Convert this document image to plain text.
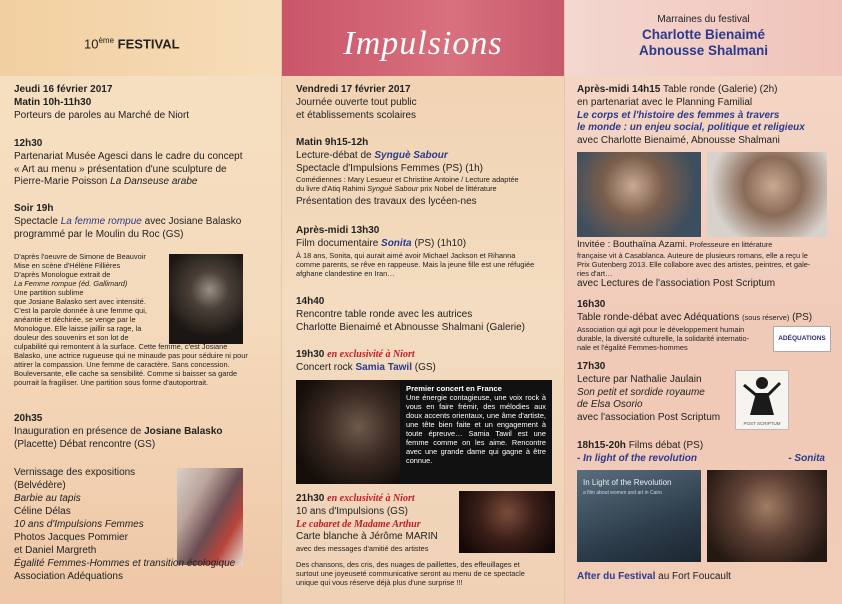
10ème FESTIVAL
Jeudi 16 février 2017
Matin 10h-11h30
Porteurs de paroles au Marché de Niort
12h30
Partenariat Musée Agesci dans le cadre du concept
« Art au menu » présentation d'une sculpture de
Pierre-Marie Poisson La Danseuse arabe
Soir 19h
Spectacle La femme rompue avec Josiane Balasko
programmé par le Moulin du Roc (GS)
D'après l'oeuvre de Simone de Beauvoir
Mise en scène d'Hélène Fillières
D'après Monologue extrait de
La Femme rompue (éd. Gallimard)
Une partition sublime
que Josiane Balasko sert avec intensité.
C'est la parole donnée à une femme qui,
anéantie et déchirée, se venge par le
Monologue. Elle laisse jaillir sa rage, la
douleur des souvenirs et son lot de
culpabilité qui remontent à la surface. Cette femme, c'est Josiane
Balasko, une actrice rugueuse qui ne minaude pas pour séduire ni pour
attirer la compassion. Une femme de caractère. Sans concession.
Bouleversante, elle cache sa sensibilité. Comme si baisser sa garde
pourrait la fragiliser. Une partition sous forme d'autoportrait.
20h35
Inauguration en présence de Josiane Balasko
(Placette) Débat rencontre (GS)
Vernissage des expositions
(Belvédère)
Barbie au tapis
Céline Délas
10 ans d'Impulsions Femmes
Photos Jacques Pommier
et Daniel Margreth
Égalité Femmes-Hommes et transition écologique
Association Adéquations
Impulsions
Vendredi 17 février 2017
Journée ouverte tout public
et établissements scolaires
Matin 9h15-12h
Lecture-débat de Synguè Sabour
Spectacle d'Impulsions Femmes (PS) (1h)
Comédiennes : Mary Lesueur et Christine Antoine / Lecture adaptée
du livre d'Atiq Rahimi Synguè Sabour prix Nobel de littérature
Présentation des travaux des lycéen-nes
Après-midi 13h30
Film documentaire Sonita (PS) (1h10)
À 18 ans, Sonita, qui aurait aimé avoir Michael Jackson et Rihanna
comme parents, se rêve en rappeuse. Mais la jeune fille est une réfugiée
afghane clandestine en Iran…
14h40
Rencontre table ronde avec les autrices
Charlotte Bienaimé et Abnousse Shalmani (Galerie)
19h30 en exclusivité à Niort
Concert rock Samia Tawil (GS)
Premier concert en France
Une énergie contagieuse, une voix rock à vous en faire frémir, des mélodies aux doux accents orientaux, une âme d'artiste, une tête bien faite et un engagement à toute épreuve… Samia Tawil est une femme comme on les aime. Rencontre avec une grande dame qui gagne à être connue.
21h30 en exclusivité à Niort
10 ans d'Impulsions (GS)
Le cabaret de Madame Arthur
Carte blanche à Jérôme MARIN
avec des messages d'amitié des artistes
Des chansons, des cris, des nuages de paillettes, des effeuillages et
surtout une joyeuseté communicative seront au menu de ce spectacle
unique qui vous réserve déjà plus d'une surprise !!!
Marraines du festival
Charlotte Bienaimé
Abnousse Shalmani
Après-midi 14h15 Table ronde (Galerie) (2h)
en partenariat avec le Planning Familial
Le corps et l'histoire des femmes à travers
le monde : un enjeu social, politique et religieux
avec Charlotte Bienaimé, Abnousse Shalmani
Invitée : Bouthaïna Azami. Professeure en littérature
française vit à Casablanca. Auteure de plusieurs romans, elle a reçu le
Prix Gutenberg 2013. Elle collabore avec des artistes, peintres, et gale-
ries d'art…
avec Lectures de l'association Post Scriptum
16h30
Table ronde-débat avec Adéquations (sous réserve) (PS)
Association qui agit pour le développement humain
durable, la diversité culturelle, la solidarité internatio-
nale et l'égalité Femmes-hommes
ADÉQUATIONS
17h30
Lecture par Nathalie Jaulain
Son petit et sordide royaume
de Elsa Osorio
avec l'association Post Scriptum
POST SCRIPTUM
18h15-20h Films débat (PS)
- In light of the revolution	- Sonita
In Light of the Revolution
a film about women and art in Cairo
After du Festival au Fort Foucault
